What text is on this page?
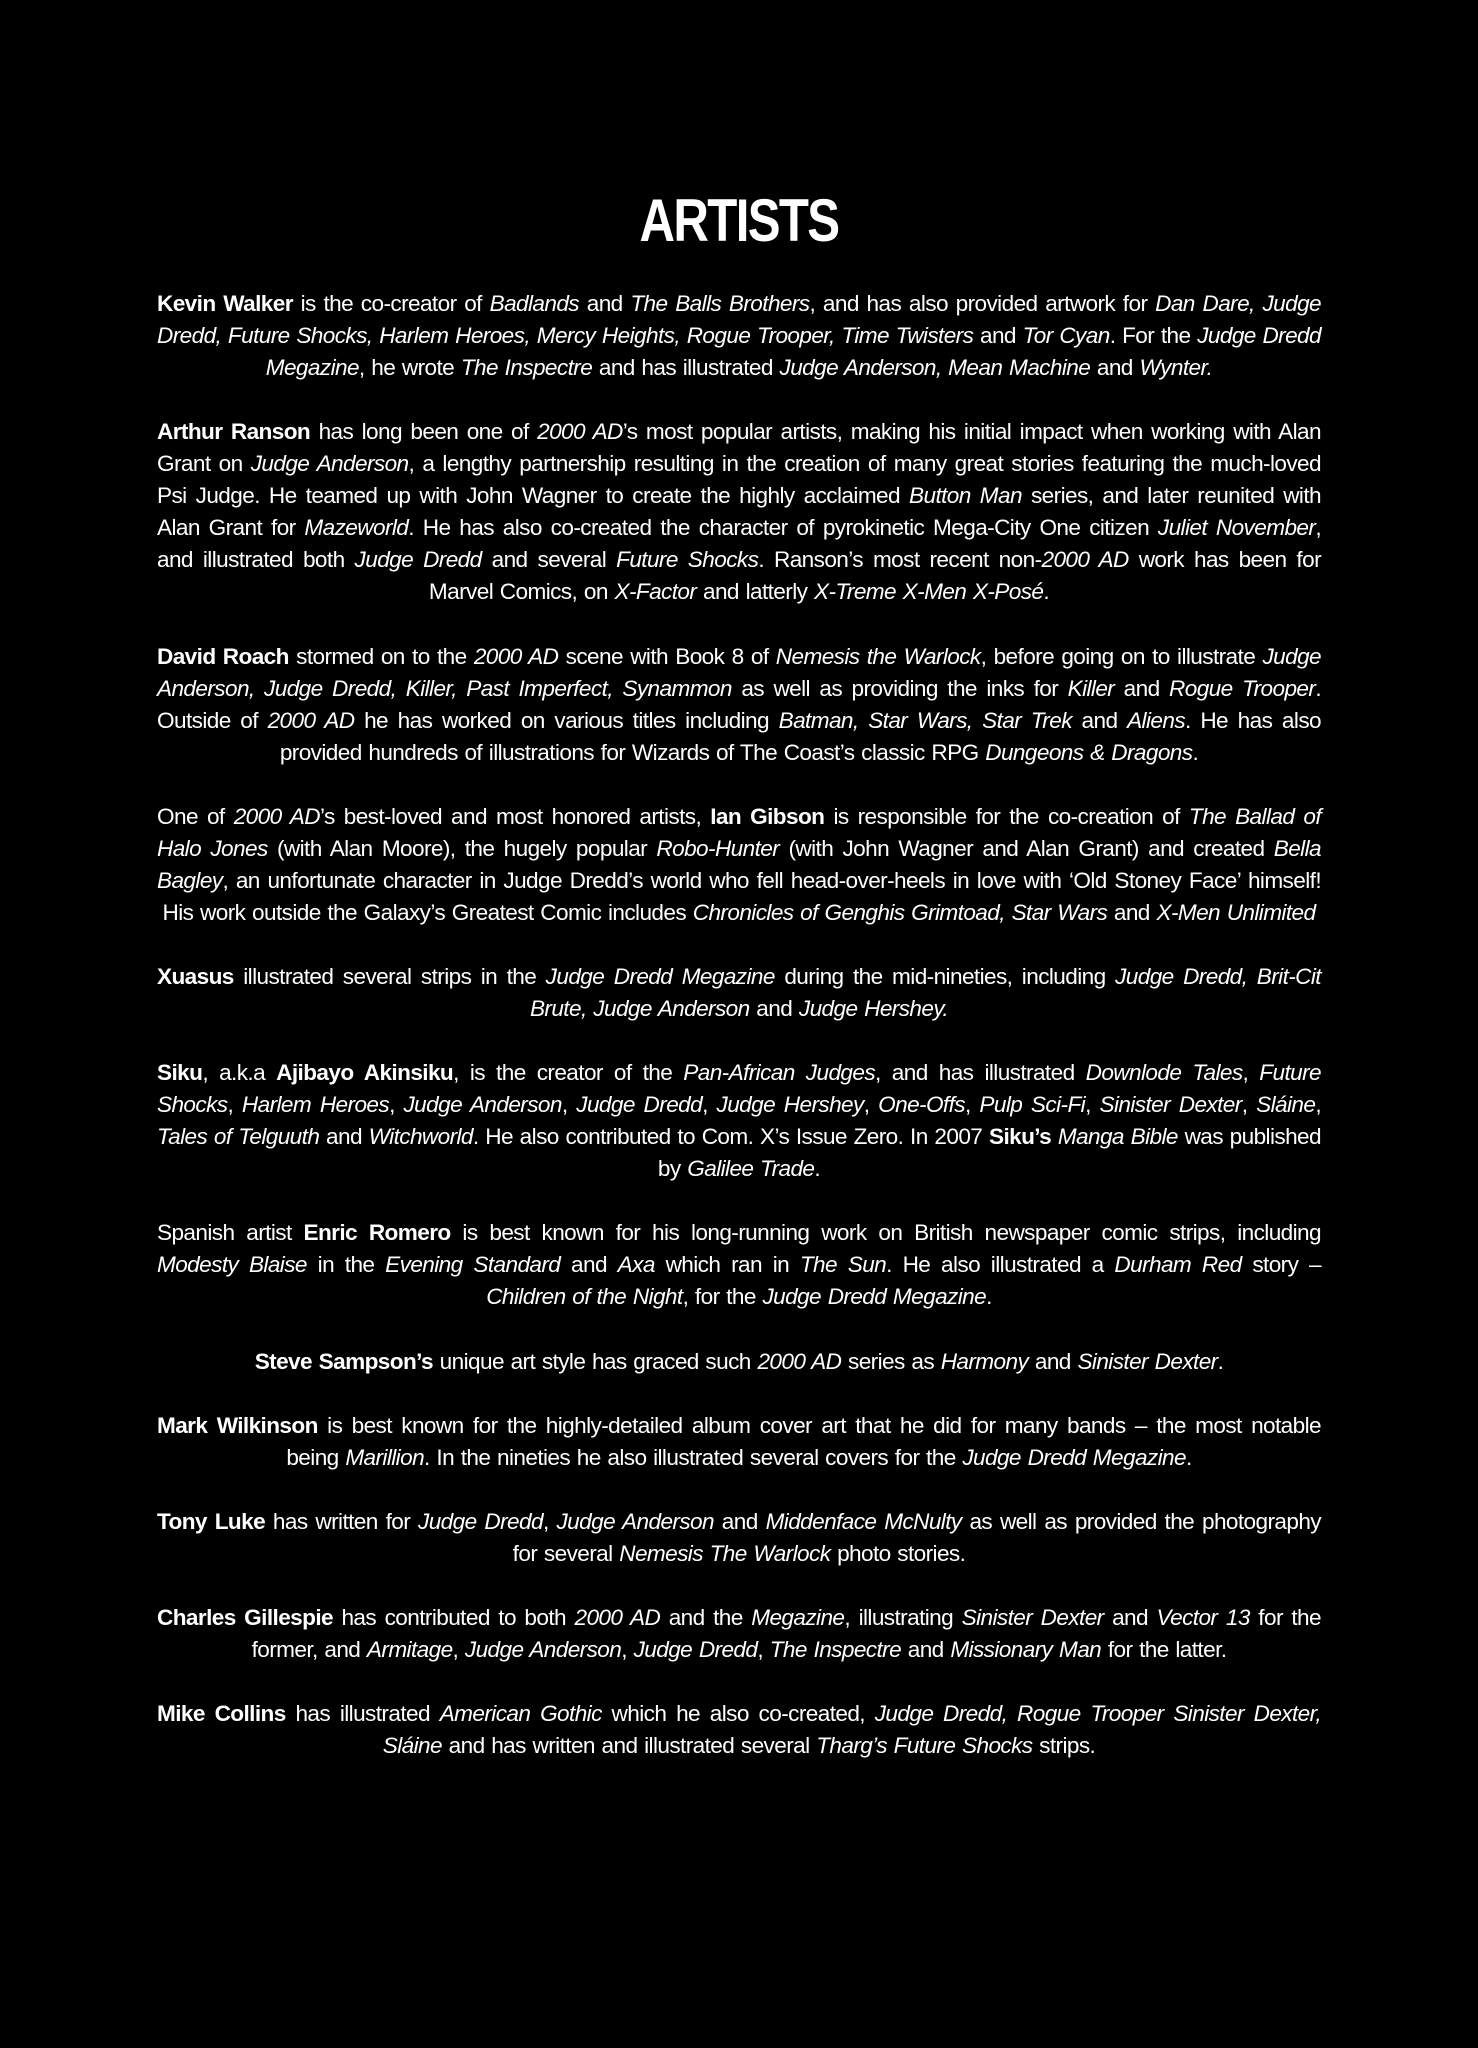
ARTISTS

Kevin Walker is the co-creator of Badlands and The Balls Brothers, and has also provided artwork for Dan Dare, Judge Dredd, Future Shocks, Harlem Heroes, Mercy Heights, Rogue Trooper, Time Twisters and Tor Cyan. For the Judge Dredd Megazine, he wrote The Inspectre and has illustrated Judge Anderson, Mean Machine and Wynter.

Arthur Ranson has long been one of 2000 AD’s most popular artists, making his initial impact when working with Alan Grant on Judge Anderson, a lengthy partnership resulting in the creation of many great stories featuring the much-loved Psi Judge. He teamed up with John Wagner to create the highly acclaimed Button Man series, and later reunited with Alan Grant for Mazeworld. He has also co-created the character of pyrokinetic Mega-City One citizen Juliet November, and illustrated both Judge Dredd and several Future Shocks. Ranson’s most recent non-2000 AD work has been for Marvel Comics, on X-Factor and latterly X-Treme X-Men X-Posé.

David Roach stormed on to the 2000 AD scene with Book 8 of Nemesis the Warlock, before going on to illustrate Judge Anderson, Judge Dredd, Killer, Past Imperfect, Synammon as well as providing the inks for Killer and Rogue Trooper. Outside of 2000 AD he has worked on various titles including Batman, Star Wars, Star Trek and Aliens. He has also provided hundreds of illustrations for Wizards of The Coast’s classic RPG Dungeons & Dragons.

One of 2000 AD’s best-loved and most honored artists, Ian Gibson is responsible for the co-creation of The Ballad of Halo Jones (with Alan Moore), the hugely popular Robo-Hunter (with John Wagner and Alan Grant) and created Bella Bagley, an unfortunate character in Judge Dredd’s world who fell head-over-heels in love with ‘Old Stoney Face’ himself! His work outside the Galaxy’s Greatest Comic includes Chronicles of Genghis Grimtoad, Star Wars and X-Men Unlimited

Xuasus illustrated several strips in the Judge Dredd Megazine during the mid-nineties, including Judge Dredd, Brit-Cit Brute, Judge Anderson and Judge Hershey.

Siku, a.k.a Ajibayo Akinsiku, is the creator of the Pan-African Judges, and has illustrated Downlode Tales, Future Shocks, Harlem Heroes, Judge Anderson, Judge Dredd, Judge Hershey, One-Offs, Pulp Sci-Fi, Sinister Dexter, Sláine, Tales of Telguuth and Witchworld. He also contributed to Com. X’s Issue Zero. In 2007 Siku’s Manga Bible was published by Galilee Trade.

Spanish artist Enric Romero is best known for his long-running work on British newspaper comic strips, including Modesty Blaise in the Evening Standard and Axa which ran in The Sun. He also illustrated a Durham Red story – Children of the Night, for the Judge Dredd Megazine.

Steve Sampson’s unique art style has graced such 2000 AD series as Harmony and Sinister Dexter.

Mark Wilkinson is best known for the highly-detailed album cover art that he did for many bands – the most notable being Marillion. In the nineties he also illustrated several covers for the Judge Dredd Megazine.

Tony Luke has written for Judge Dredd, Judge Anderson and Middenface McNulty as well as provided the photography for several Nemesis The Warlock photo stories.

Charles Gillespie has contributed to both 2000 AD and the Megazine, illustrating Sinister Dexter and Vector 13 for the former, and Armitage, Judge Anderson, Judge Dredd, The Inspectre and Missionary Man for the latter.

Mike Collins has illustrated American Gothic which he also co-created, Judge Dredd, Rogue Trooper Sinister Dexter, Sláine and has written and illustrated several Tharg’s Future Shocks strips.
